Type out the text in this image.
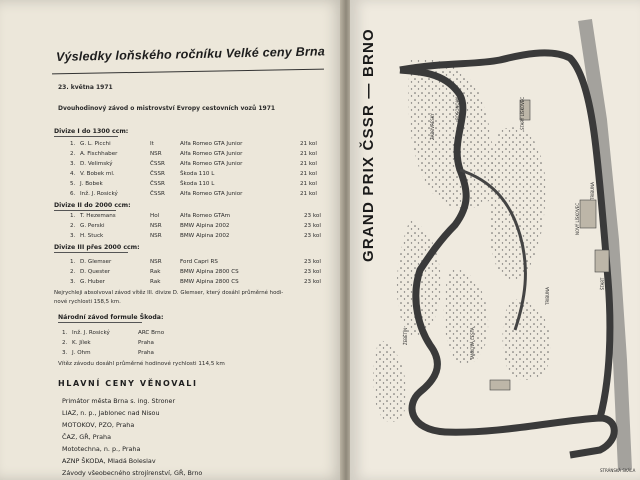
Výsledky loňského ročníku Velké ceny Brna
23. května 1971
Dvouhodinový závod o mistrovství Evropy cestovních vozů 1971
Divize I do 1300 ccm:
1. G. L. Picchi	It	Alfa Romeo GTA Junior	21 kol
2. A. Fischhaber	NSR	Alfa Romeo GTA Junior	21 kol
3. D. Velimský	ČSSR	Alfa Romeo GTA Junior	21 kol
4. V. Bobek ml.	ČSSR	Škoda 110 L	21 kol
5. J. Bobek	ČSSR	Škoda 110 L	21 kol
6. Inž. J. Rosický	ČSSR	Alfa Romeo GTA Junior	21 kol
Divize II do 2000 ccm:
1. T. Hezemans	Hol	Alfa Romeo GTAm	23 kol
2. G. Perski	NSR	BMW Alpina 2002	23 kol
3. H. Stuck	NSR	BMW Alpina 2002	23 kol
Divize III přes 2000 ccm:
1. D. Glemser	NSR	Ford Capri RS	23 kol
2. D. Quester	Rak	BMW Alpina 2800 CS	23 kol
3. G. Huber	Rak	BMW Alpina 2800 CS	23 kol
Nejrychleji absolvoval závod vítěz III. divize D. Glemser, který dosáhl průměrné hodi-
nové rychlosti 158,5 km.
Národní závod formule Škoda:
1. Inž. J. Rosický	ARC Brno
2. K. Jílek	Praha
3. J. Ohm	Praha
Vítěz závodu dosáhl průměrné hodinové rychlosti 114,5 km
HLAVNÍ CENY VĚNOVALI
Primátor města Brna s. ing. Stroner
LIAZ, n. p., Jablonec nad Nisou
MOTOKOV, PZO, Praha
ČAZ, GŘ, Praha
Mototechna, n. p., Praha
AZNP ŠKODA, Mladá Boleslav
Závody všeobecného strojírenství, GŘ, Brno
GRAND PRIX ČSSR — BRNO	ŽABOVŘESKY
BOSONOHY
ŽEBĚTÍN
STARÝ LÍSKOVEC
TRIBUNA
ŠTART
TANKOVÁ CESTA
TRIBUNA
NOVÝ LÍSKOVEC
STRÁNSKÁ SKÁLA
